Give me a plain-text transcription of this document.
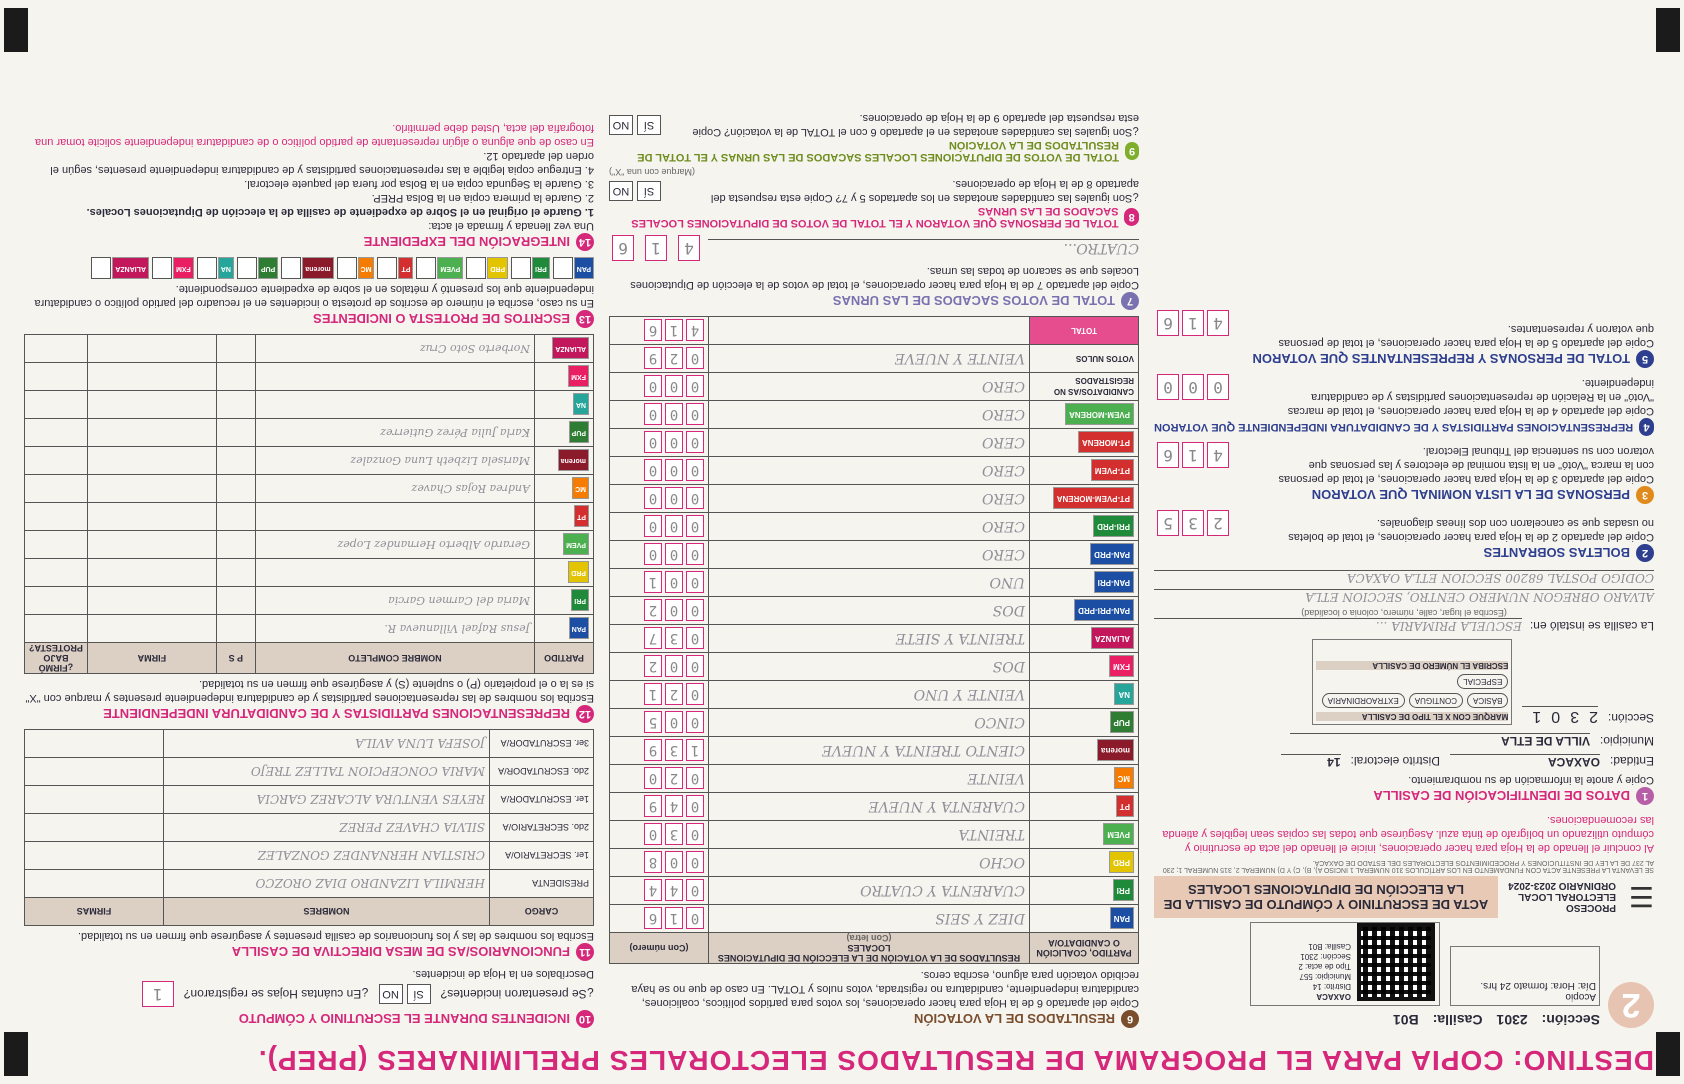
DESTINO: COPIA PARA EL PROGRAMA DE RESULTADOS ELECTORALES PRELIMINARES (PREP).
2
Sección:
2301
Casilla:
B01
Acopio
Día: Hora: formato 24 hrs.
OAXACA
Distrito: 14
Municipio: 557
Tipo de acta: 2
Sección: 2301
Casilla: B01
☰
PROCESO ELECTORAL LOCAL ORDINARIO 2023-2024
ACTA DE ESCRUTINIO Y CÓMPUTO DE CASILLA DE LA ELECCIÓN DE DIPUTACIONES LOCALES
SE LEVANTA LA PRESENTE ACTA CON FUNDAMENTO EN LOS ARTÍCULOS 310 NUMERAL 1 INCISO A), B), C) Y D) NUMERAL 2, 315 NUMERAL 1; 230 AL 237 DE LA LEY DE INSTITUCIONES Y PROCEDIMIENTOS ELECTORALES DEL ESTADO DE OAXACA.
Al concluir el llenado de la Hoja para hacer operaciones, inicie el llenado del acta de escrutinio y cómputo utilizando un bolígrafo de tinta azul. Asegúrese que todas las copias sean legibles y atienda las recomendaciones.
1
DATOS DE IDENTIFICACIÓN DE CASILLA
Copie y anote la información de su nombramiento.
Entidad:
OAXACA
Distrito electoral:
14
Municipio:
VILLA DE ETLA
Sección:
2301
MARQUE CON X EL TIPO DE CASILLA
BÁSICA
CONTIGUA
EXTRAORDINARIA
ESPECIAL
ESCRIBA EL NÚMERO DE CASILLA
La casilla se instaló en:
ESCUELA PRIMARIA ...
(Escriba el lugar, calle, número, colonia o localidad)
ALVARO OBREGON NUMERO CENTRO, SECCION ETLA
CODIGO POSTAL 68200 SECCION ETLA OAXACA
2
BOLETAS SOBRANTES
Copie del apartado 2 de la Hoja para hacer operaciones, el total de boletas no usadas que se cancelaron con dos líneas diagonales.
2
3
5
3
PERSONAS DE LA LISTA NOMINAL QUE VOTARON
Copie del apartado 3 de la Hoja para hacer operaciones, el total de personas con la marca "Votó" en la lista nominal de electores y las personas que votaron con su sentencia del Tribunal Electoral.
4
1
6
4
REPRESENTACIONES PARTIDISTAS Y DE CANDIDATURA INDEPENDIENTE QUE VOTARON
Copie del apartado 4 de la Hoja para hacer operaciones, el total de marcas "Votó" en la Relación de representaciones partidistas y de candidatura independiente.
0
0
0
5
TOTAL DE PERSONAS Y REPRESENTANTES QUE VOTARON
Copie del apartado 5 de la Hoja para hacer operaciones, el total de personas que votaron y representantes.
4
1
6
6
RESULTADOS DE LA VOTACIÓN
Copie del apartado 6 de la Hoja para hacer operaciones, los votos para partidos políticos, coaliciones, candidatura independiente, candidatura no registrada, votos nulos y TOTAL. En caso de que no se haya recibido votación para alguno, escriba ceros.
PARTIDO, COALICIÓN O CANDIDATO/A	RESULTADOS DE LA VOTACIÓN DE LA ELECCIÓN DE DIPUTACIONES LOCALES
(Con letra)	(Con número)
PAN	DIEZ Y SEIS	016
PRI	CUARENTA Y CUATRO	044
PRD	OCHO	008
PVEM	TREINTA	030
PT	CUARENTA Y NUEVE	049
MC	VEINTE	020
morena	CIENTO TREINTA Y NUEVE	139
PUP	CINCO	005
NA	VEINTE Y UNO	021
FXM	DOS	002
ALIANZA	TREINTA Y SIETE	037
PAN-PRI-PRD	DOS	002
PAN-PRI	UNO	001
PAN-PRD	CERO	000
PRI-PRD	CERO	000
PT-PVEM-MORENA	CERO	000
PT-PVEM	CERO	000
PT-MORENA	CERO	000
PVEM-MORENA	CERO	000
CANDIDATOS/AS NO REGISTRADOS	CERO	000
VOTOS NULOS	VEINTE Y NUEVE	029
TOTAL		416
7
TOTAL DE VOTOS SACADOS DE LAS URNAS
Copie del apartado 7 de la Hoja para hacer operaciones, el total de votos de la elección de Diputaciones Locales que se sacaron de todas las urnas.
CUATRO...
4
1
6
8
TOTAL DE PERSONAS QUE VOTARON Y EL TOTAL DE VOTOS DE DIPUTACIONES LOCALES SACADOS DE LAS URNAS
¿Son iguales las cantidades anotadas en los apartados 5 y 7? Copie esta respuesta del apartado 8 de la Hoja de operaciones.
SÍ
NO
(Marque con una "X")
9
TOTAL DE VOTOS DE DIPUTACIONES LOCALES SACADOS DE LAS URNAS Y EL TOTAL DE RESULTADOS DE LA VOTACIÓN
¿Son iguales las cantidades anotadas en el apartado 6 con el TOTAL de la votación? Copie esta respuesta del apartado 9 de la Hoja de operaciones.
SÍ
NO
10
INCIDENTES DURANTE EL ESCRUTINIO Y CÓMPUTO
¿Se presentaron incidentes?
SÍ
NO
¿En cuántas Hojas se registraron?
1
Descríbalos en la Hoja de incidentes.
11
FUNCIONARIOS/AS DE MESA DIRECTIVA DE CASILLA
Escriba los nombres de las y los funcionarios de casilla presentes y asegúrese que firmen en su totalidad.
CARGO	NOMBRES	FIRMAS
PRESIDENTA	HERMILA LIZANDRO DIAZ OROZCO	
1er. SECRETARIO/A	CRISTIAN HERNANDEZ GONZALEZ	
2do. SECRETARIO/A	SILVIA CHAVEZ PEREZ	
1er. ESCRUTADOR/A	REYES VENTURA ALCAREZ GARCIA	
2do. ESCRUTADOR/A	MARIA CONCEPCION TALLEZ TREJO	
3er. ESCRUTADOR/A	JOSEFA LUNA AVILA	
12
REPRESENTACIONES PARTIDISTAS Y DE CANDIDATURA INDEPENDIENTE
Escriba los nombres de las representaciones partidistas y de candidatura independiente presentes y marque con "X" si es la o el propietario (P) o suplente (S) y asegúrese que firmen en su totalidad.
PARTIDO	NOMBRE COMPLETO	P S	FIRMA	¿FIRMÓ BAJO PROTESTA?
PAN	Jesus Rafael Villanueva R.			
PRI	Maria del Carmen Garcia			
PRD				
PVEM	Gerardo Alberto Hernandez Lopez			
PT				
MC	Andrea Rojas Chavez			
morena	Marisela Lizbeth Luna Gonzalez			
PUP	Karla Julia Pérez Gutierrez			
NA				
FXM				
ALIANZA	Norberto Soto Cruz			
13
ESCRITOS DE PROTESTA O INCIDENTES
En su caso, escriba el número de escritos de protesta o incidentes en el recuadro del partido político o candidatura independiente que los presentó y métalos en el sobre de expediente correspondiente.
PAN
PRI
PRD
PVEM
PT
MC
morena
PUP
NA
FXM
ALIANZA
14
INTEGRACIÓN DEL EXPEDIENTE
Una vez llenada y firmada el acta:
1. Guarde el original en el Sobre de expediente de casilla de la elección de Diputaciones Locales.
2. Guarde la primera copia en la Bolsa PREP.
3. Guarde la Segunda copia en la Bolsa por fuera del paquete electoral.
4. Entregue copia legible a las representaciones partidistas y de candidatura independiente presentes, según el orden del apartado 12.
En caso de que alguna o algún representante de partido político o de candidatura independiente solicite tomar una fotografía del acta, Usted debe permitirlo.
